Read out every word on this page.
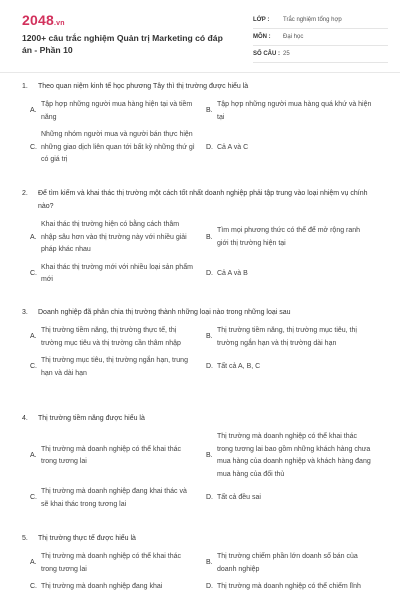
2048.vn
1200+ câu trắc nghiệm Quản trị Marketing có đáp án - Phần 10
LỚP :	Trắc nghiệm tổng hợp
MÔN :	Đại học
SỐ CÂU : 25
1.	Theo quan niệm kinh tế học phương Tây thì thị trường được hiểu là
A.
Tập hợp những người mua hàng hiện tại và tiềm năng
B.
Tập hợp những người mua hàng quá khứ và hiện tại
C.
Những nhóm người mua và người bán thực hiện những giao dịch liên quan tới bất kỳ những thứ gì có giá trị
D. Cả A và C
2.	Để tìm kiếm và khai thác thị trường một cách tốt nhất doanh nghiệp phải tập trung vào loại nhiệm vụ chính nào?
A.
Khai thác thị trường hiện có bằng cách thâm nhập sâu hơn vào thị trường này với nhiều giải pháp khác nhau
B.
Tìm mọi phương thức có thể để mở rộng ranh giới thị trường hiện tại
C.
Khai thác thị trường mới với nhiều loại sản phẩm mới
D. Cả A và B
3.	Doanh nghiệp đã phân chia thị trường thành những loại nào trong những loại sau
A.
Thị trường tiềm năng, thị trường thực tế, thị trường mục tiêu và thị trường cần thâm nhập
B.
Thị trường tiềm năng, thị trường mục tiêu, thị trường ngắn hạn và thị trường dài hạn
C.
Thị trường mục tiêu, thị trường ngắn hạn, trung hạn và dài hạn
D. Tất cả A, B, C
4.	Thị trường tiềm năng được hiểu là
A.
Thị trường mà doanh nghiệp có thể khai thác trong tương lai
B.
Thị trường mà doanh nghiệp có thể khai thác trong tương lai bao gồm những khách hàng chưa mua hàng của doanh nghiệp và khách hàng đang mua hàng của đối thủ
C.
Thị trường mà doanh nghiệp đang khai thác và sẽ khai thác trong tương lai
D. Tất cả đều sai
5.	Thị trường thực tế được hiểu là
A.
Thị trường mà doanh nghiệp có thể khai thác trong tương lai
B.
Thị trường chiếm phần lớn doanh số bán của doanh nghiệp
C. Thị trường mà doanh nghiệp đang khai	D. Thị trường mà doanh nghiệp có thể chiếm lĩnh
